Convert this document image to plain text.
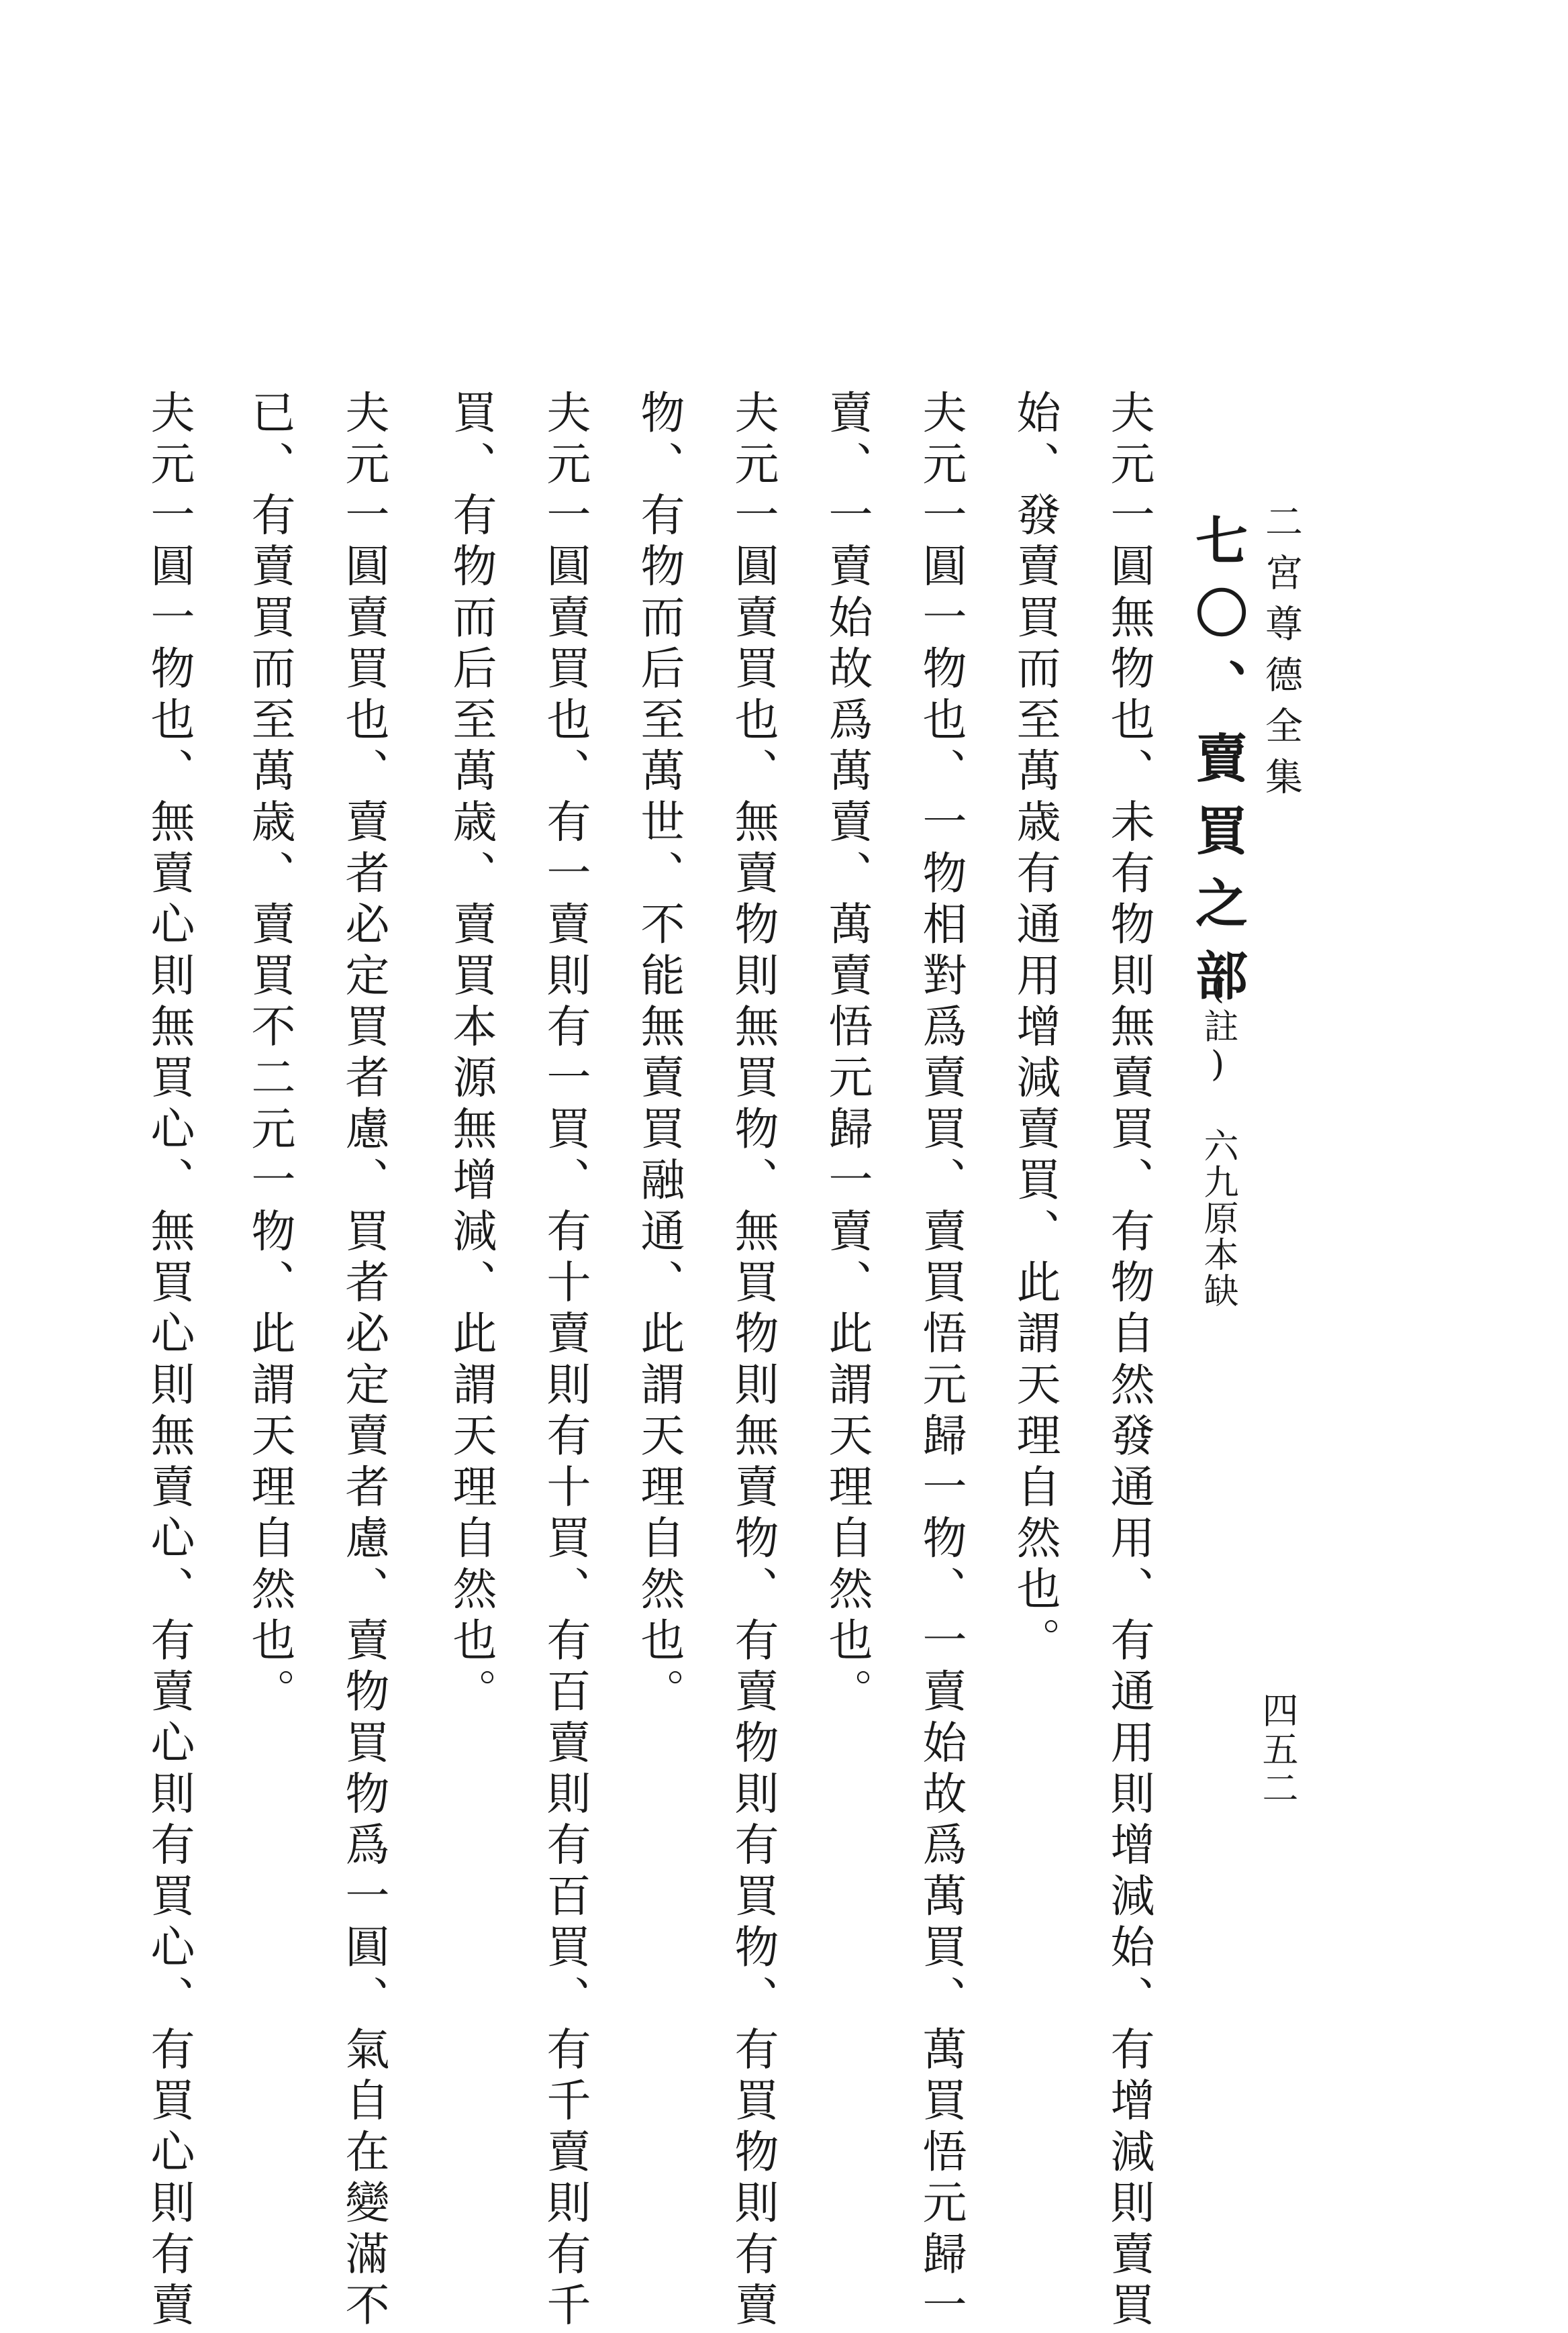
二宮尊德全集
四五二
七〇、賣買之部
(註) 六九原本缺

夫元一圓無物也、未有物則無賣買、有物自然發通用、有通用則增減始、有增減則賣買

始、發賣買而至萬歳有通用增減賣買、此謂天理自然也。

夫元一圓一物也、一物相對爲賣買、賣買悟元歸一物、一賣始故爲萬買、萬買悟元歸一

賣、一賣始故爲萬賣、萬賣悟元歸一賣、此謂天理自然也。

夫元一圓賣買也、無賣物則無買物、無買物則無賣物、有賣物則有買物、有買物則有賣

物、有物而后至萬世、不能無賣買融通、此謂天理自然也。

夫元一圓賣買也、有一賣則有一買、有十賣則有十買、有百賣則有百買、有千賣則有千

買、有物而后至萬歳、賣買本源無增減、此謂天理自然也。

夫元一圓賣買也、賣者必定買者慮、買者必定賣者慮、賣物買物爲一圓、氣自在變滿不

已、有賣買而至萬歳、賣買不二元一物、此謂天理自然也。

夫元一圓一物也、無賣心則無買心、無買心則無賣心、有賣心則有買心、有買心則有賣
